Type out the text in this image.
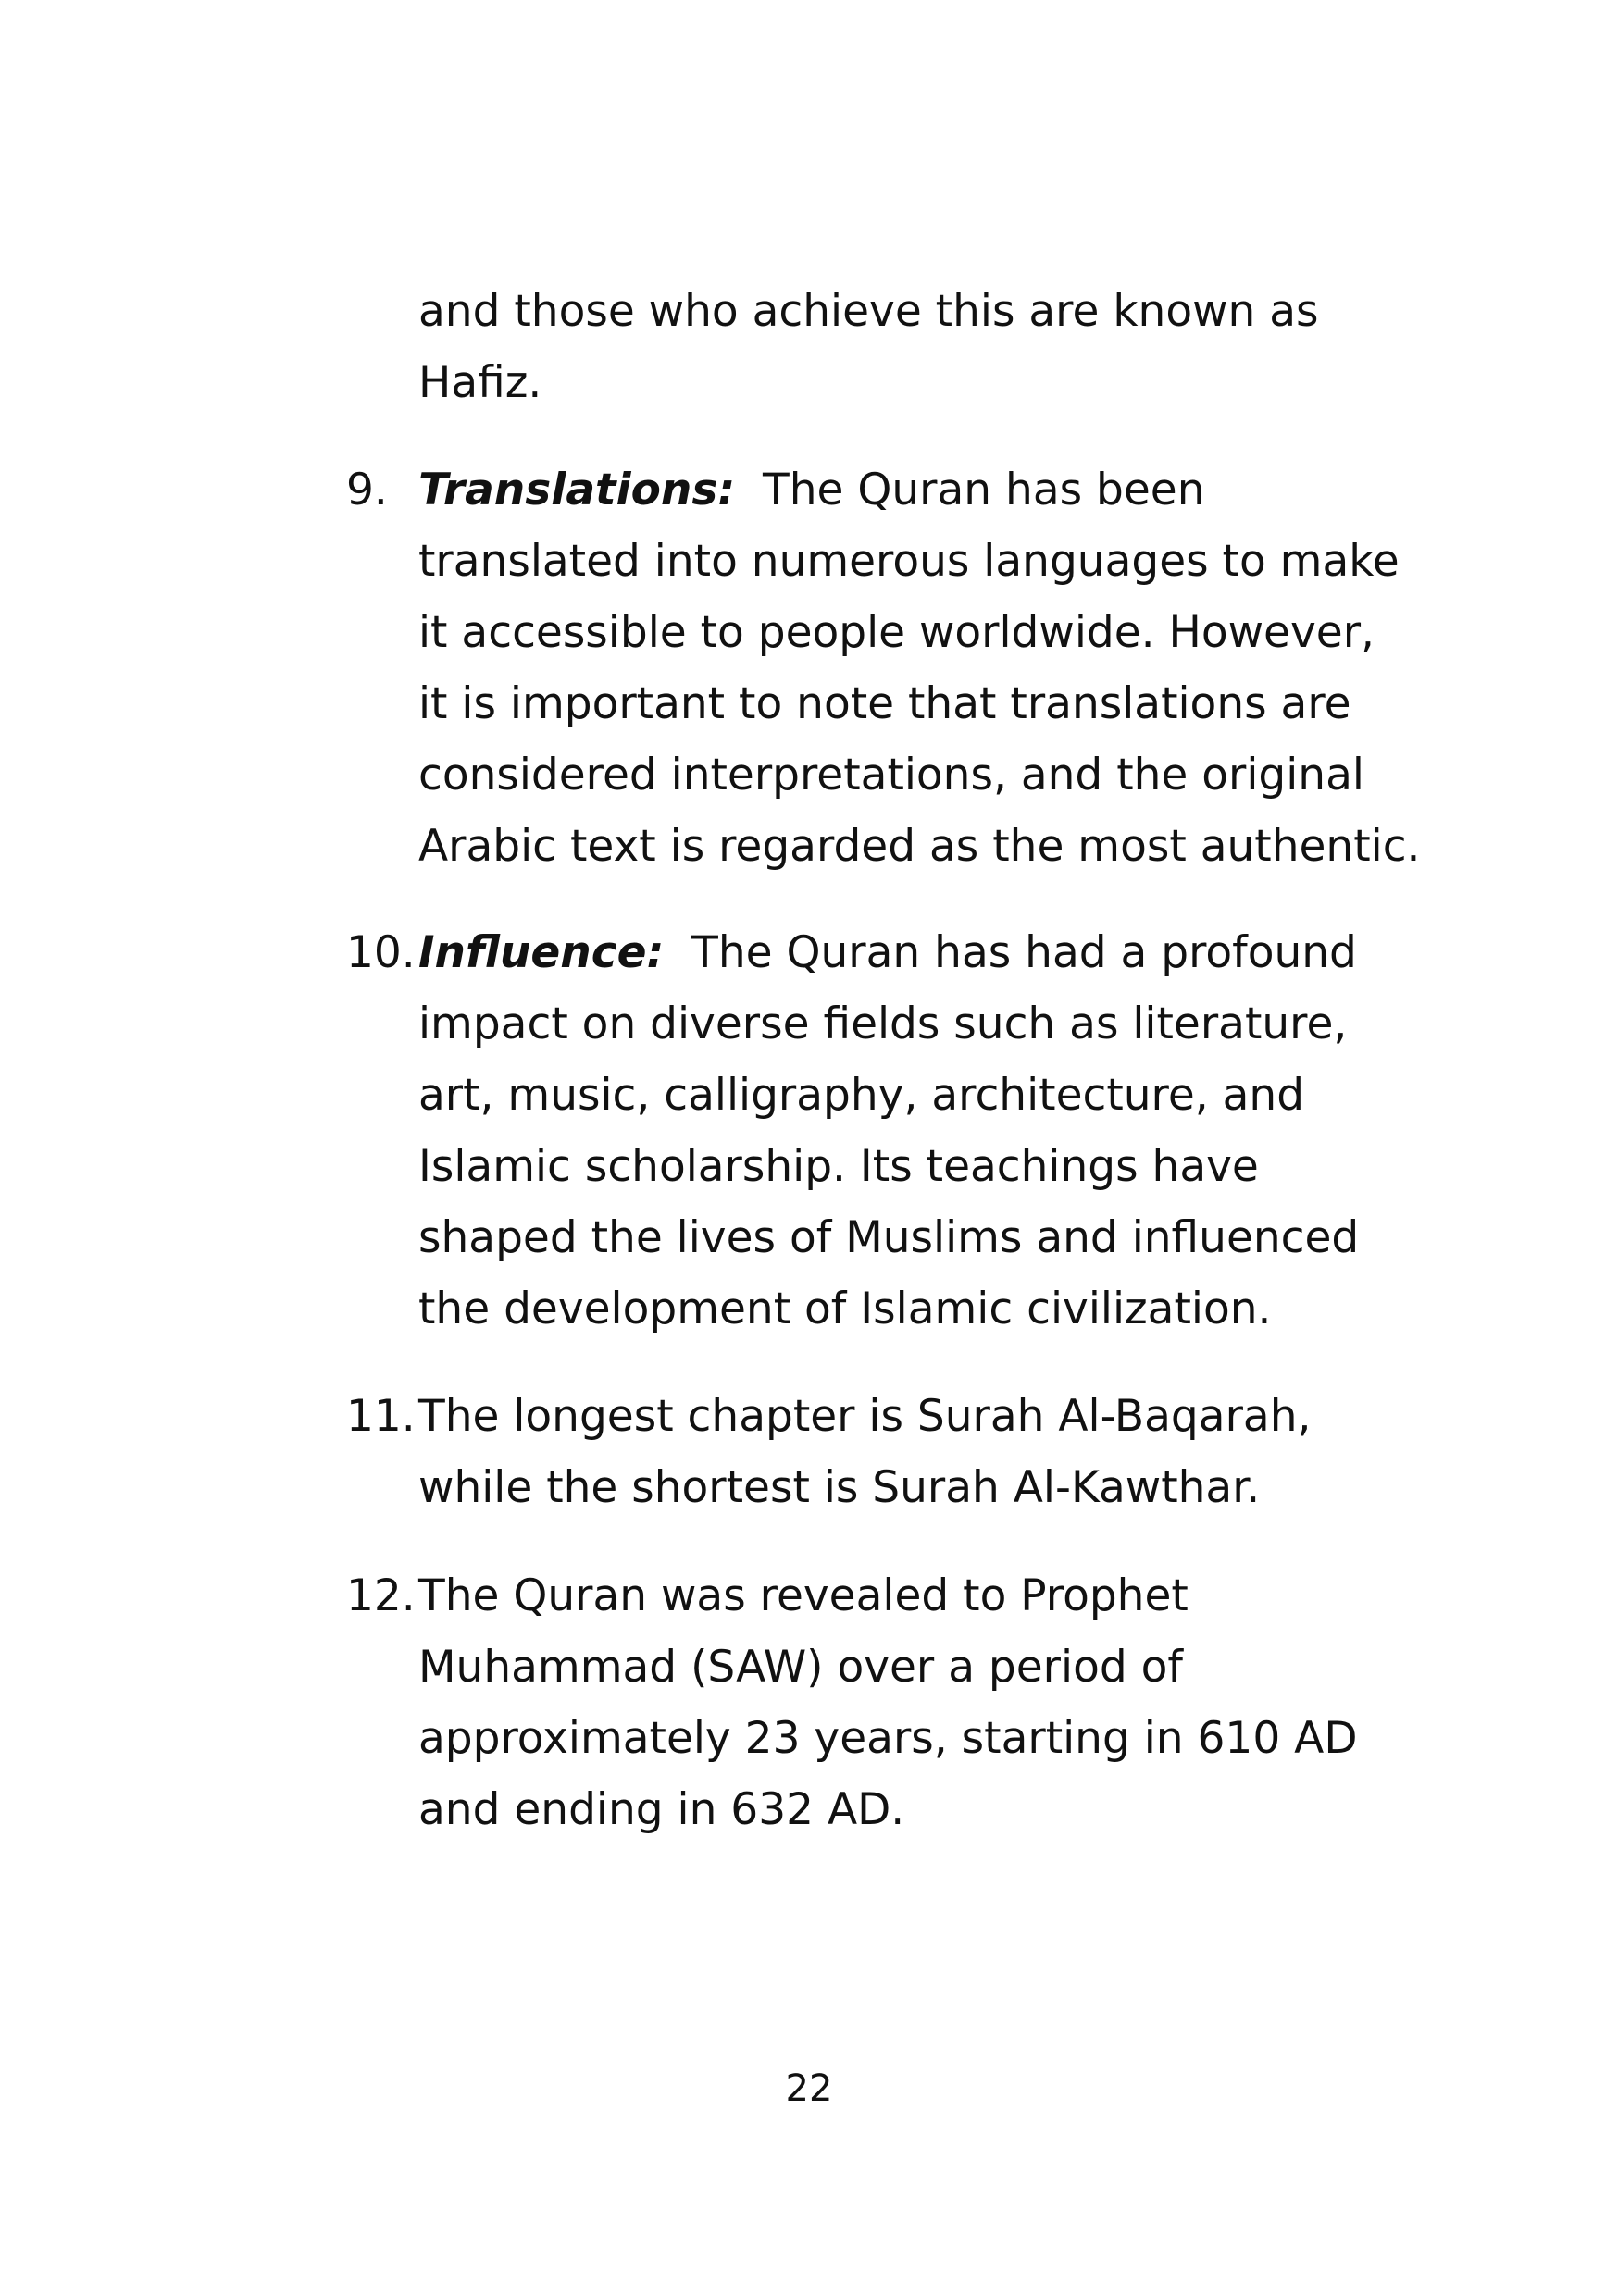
and those who achieve this are known as
Hafiz.
9. Translations: The Quran has been
translated into numerous languages to make
it accessible to people worldwide. However,
it is important to note that translations are
considered interpretations, and the original
Arabic text is regarded as the most authentic.
10. Influence: The Quran has had a profound
impact on diverse fields such as literature,
art, music, calligraphy, architecture, and
Islamic scholarship. Its teachings have
shaped the lives of Muslims and influenced
the development of Islamic civilization.
11. The longest chapter is Surah Al-Baqarah,
while the shortest is Surah Al-Kawthar.
12. The Quran was revealed to Prophet
Muhammad (SAW) over a period of
approximately 23 years, starting in 610 AD
and ending in 632 AD.
22
